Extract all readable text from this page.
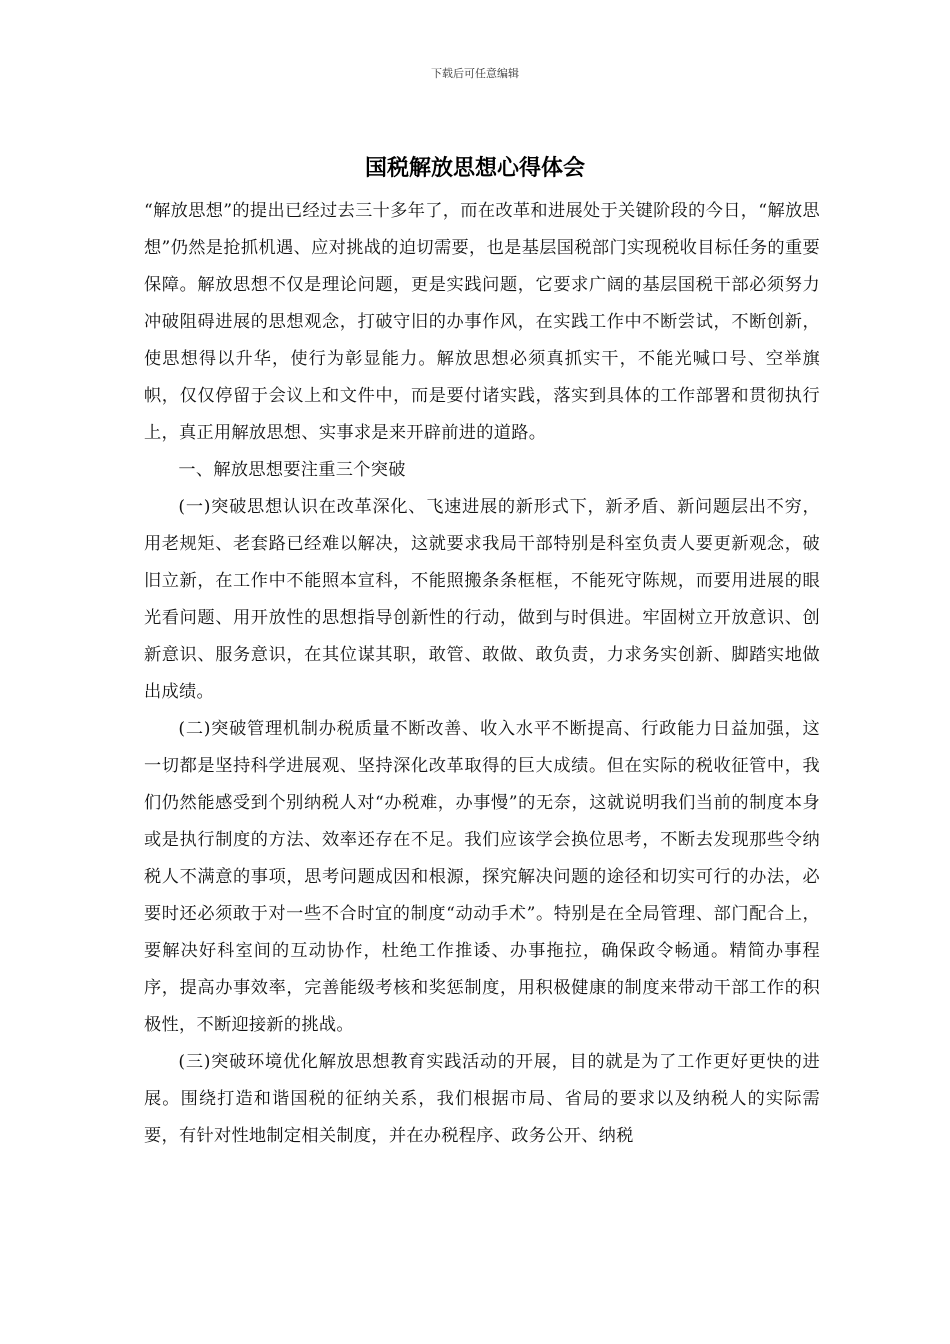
下载后可任意编辑
国税解放思想心得体会

“解放思想”的提出已经过去三十多年了，而在改革和进展处于关键阶段的今日，“解放思想”仍然是抢抓机遇、应对挑战的迫切需要，也是基层国税部门实现税收目标任务的重要保障。解放思想不仅是理论问题，更是实践问题，它要求广阔的基层国税干部必须努力冲破阻碍进展的思想观念，打破守旧的办事作风，在实践工作中不断尝试，不断创新，使思想得以升华，使行为彰显能力。解放思想必须真抓实干，不能光喊口号、空举旗帜，仅仅停留于会议上和文件中，而是要付诸实践，落实到具体的工作部署和贯彻执行上，真正用解放思想、实事求是来开辟前进的道路。

一、解放思想要注重三个突破

(一)突破思想认识在改革深化、飞速进展的新形式下，新矛盾、新问题层出不穷，用老规矩、老套路已经难以解决，这就要求我局干部特别是科室负责人要更新观念，破旧立新，在工作中不能照本宣科，不能照搬条条框框，不能死守陈规，而要用进展的眼光看问题、用开放性的思想指导创新性的行动，做到与时俱进。牢固树立开放意识、创新意识、服务意识，在其位谋其职，敢管、敢做、敢负责，力求务实创新、脚踏实地做出成绩。

(二)突破管理机制办税质量不断改善、收入水平不断提高、行政能力日益加强，这一切都是坚持科学进展观、坚持深化改革取得的巨大成绩。但在实际的税收征管中，我们仍然能感受到个别纳税人对“办税难，办事慢”的无奈，这就说明我们当前的制度本身或是执行制度的方法、效率还存在不足。我们应该学会换位思考，不断去发现那些令纳税人不满意的事项，思考问题成因和根源，探究解决问题的途径和切实可行的办法，必要时还必须敢于对一些不合时宜的制度“动动手术”。特别是在全局管理、部门配合上，要解决好科室间的互动协作，杜绝工作推诿、办事拖拉，确保政令畅通。精简办事程序，提高办事效率，完善能级考核和奖惩制度，用积极健康的制度来带动干部工作的积极性，不断迎接新的挑战。

(三)突破环境优化解放思想教育实践活动的开展，目的就是为了工作更好更快的进展。围绕打造和谐国税的征纳关系，我们根据市局、省局的要求以及纳税人的实际需要，有针对性地制定相关制度，并在办税程序、政务公开、纳税
